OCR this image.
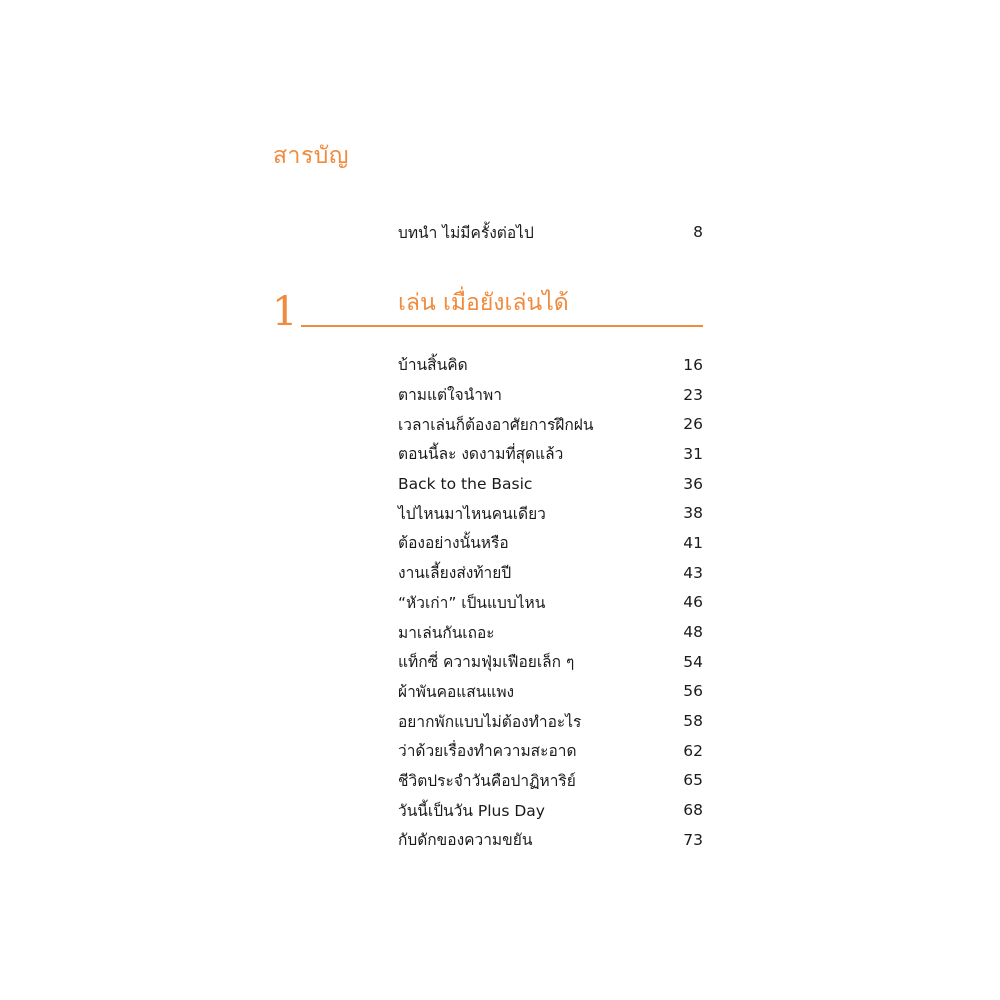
สารบัญ
บทนำ ไม่มีครั้งต่อไป	8
1	เล่น เมื่อยังเล่นได้
บ้านสิ้นคิด	16
ตามแต่ใจนำพา	23
เวลาเล่นก็ต้องอาศัยการฝึกฝน	26
ตอนนี้ละ งดงามที่สุดแล้ว	31
Back to the Basic	36
ไปไหนมาไหนคนเดียว	38
ต้องอย่างนั้นหรือ	41
งานเลี้ยงส่งท้ายปี	43
“หัวเก่า” เป็นแบบไหน	46
มาเล่นกันเถอะ	48
แท็กซี่ ความฟุ่มเฟือยเล็ก ๆ	54
ผ้าพันคอแสนแพง	56
อยากพักแบบไม่ต้องทำอะไร	58
ว่าด้วยเรื่องทำความสะอาด	62
ชีวิตประจำวันคือปาฏิหาริย์	65
วันนี้เป็นวัน Plus Day	68
กับดักของความขยัน	73
